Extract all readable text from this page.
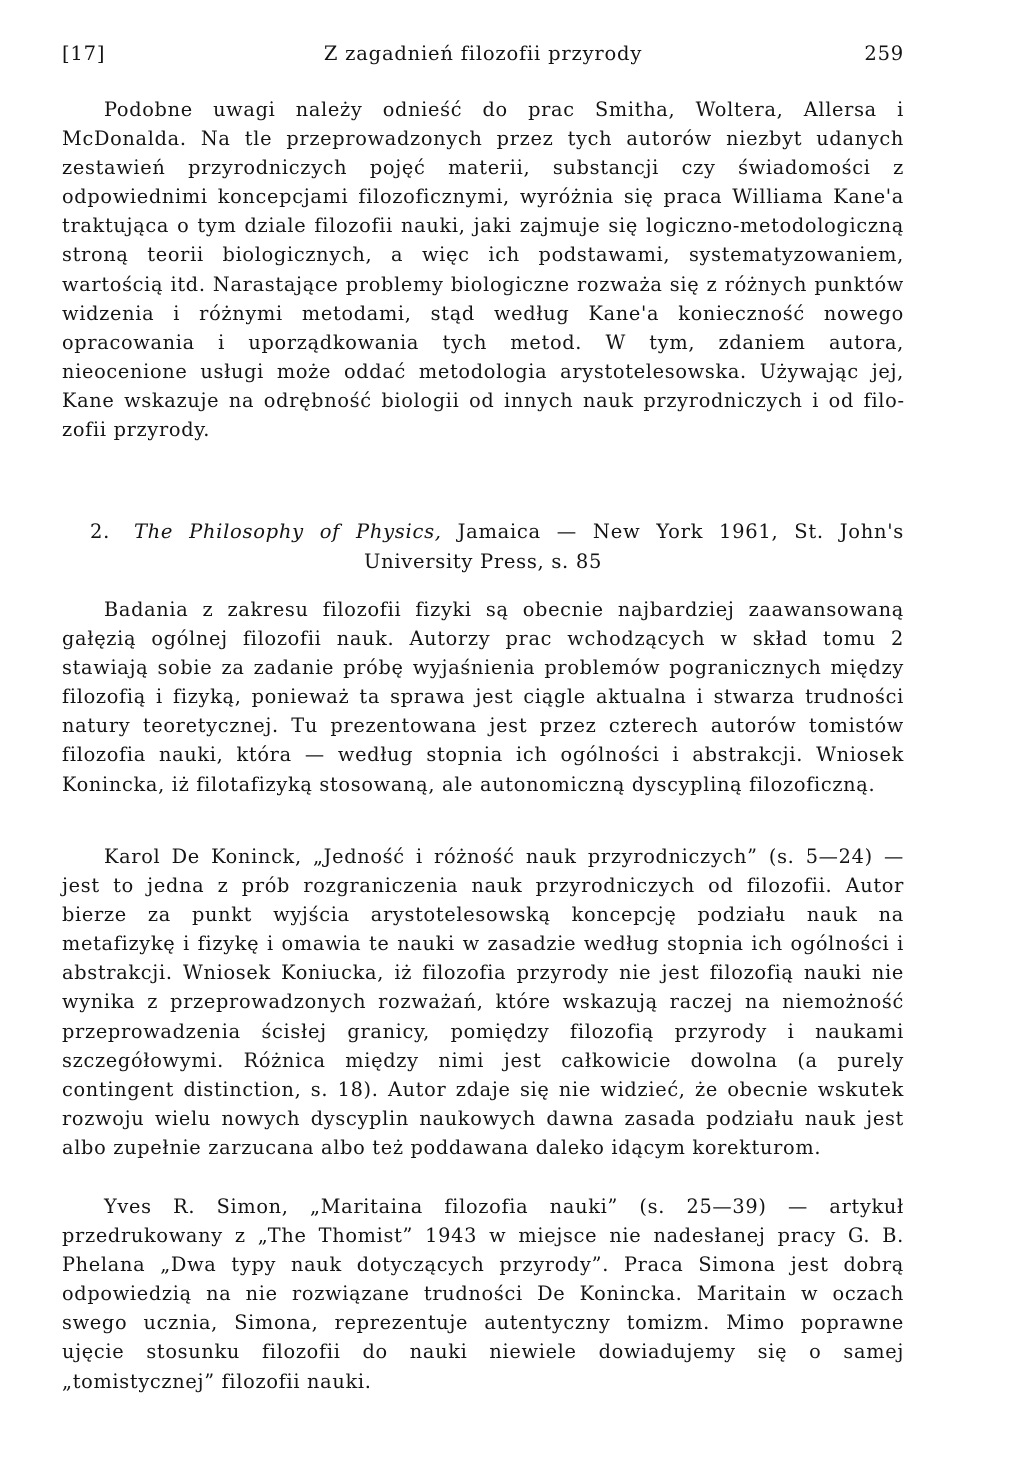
[17]	Z zagadnień filozofii przyrody	259

Podobne uwagi należy odnieść do prac Smitha, Woltera, Allersa i McDonalda. Na tle przeprowadzonych przez tych autorów niezbyt udanych zestawień przyrodniczych pojęć materii, substancji czy świadomości z odpowiednimi koncepcjami filozoficznymi, wyróżnia się praca Williama Kane'a traktująca o tym dziale filozofii nauki, jaki zajmuje się logiczno-metodologiczną stroną teorii biologicznych, a więc ich podstawami, systematyzowaniem, wartością itd. Narastające problemy biologiczne rozważa się z różnych punktów widzenia i różnymi metodami, stąd według Kane'a konieczność nowego opracowania i uporządkowania tych metod. W tym, zdaniem autora, nieocenione usługi może oddać metodologia arystotelesowska. Używając jej, Kane wskazuje na odrębność biologii od innych nauk przyrodniczych i od filozofii przyrody.

2. The Philosophy of Physics, Jamaica — New York 1961, St. John's University Press, s. 85

Badania z zakresu filozofii fizyki są obecnie najbardziej zaawansowaną gałęzią ogólnej filozofii nauk. Autorzy prac wchodzących w skład tomu 2 stawiają sobie za zadanie próbę wyjaśnienia problemów pogranicznych między filozofią i fizyką, ponieważ ta sprawa jest ciągle aktualna i stwarza trudności natury teoretycznej. Tu prezentowana jest przez czterech autorów tomistów filozofia nauki, która — według stopnia ich ogólności i abstrakcji. Wniosek Konincka, iż filotafizyką stosowaną, ale autonomiczną dyscypliną filozoficzną.

Karol De Koninck, „Jedność i różność nauk przyrodniczych” (s. 5—24) — jest to jedna z prób rozgraniczenia nauk przyrodniczych od filozofii. Autor bierze za punkt wyjścia arystotelesowską koncepcję podziału nauk na metafizykę i fizykę i omawia te nauki w zasadzie według stopnia ich ogólności i abstrakcji. Wniosek Koniucka, iż filozofia przyrody nie jest filozofią nauki nie wynika z przeprowadzonych rozważań, które wskazują raczej na niemożność przeprowadzenia ścisłej granicy, pomiędzy filozofią przyrody i naukami szczegółowymi. Różnica między nimi jest całkowicie dowolna (a purely contingent distinction, s. 18). Autor zdaje się nie widzieć, że obecnie wskutek rozwoju wielu nowych dyscyplin naukowych dawna zasada podziału nauk jest albo zupełnie zarzucana albo też poddawana daleko idącym korekturom.

Yves R. Simon, „Maritaina filozofia nauki” (s. 25—39) — artykuł przedrukowany z „The Thomist” 1943 w miejsce nie nadesłanej pracy G. B. Phelana „Dwa typy nauk dotyczących przyrody”. Praca Simona jest dobrą odpowiedzią na nie rozwiązane trudności De Konincka. Maritain w oczach swego ucznia, Simona, reprezentuje autentyczny tomizm. Mimo poprawne ujęcie stosunku filozofii do nauki niewiele dowiadujemy się o samej „tomistycznej” filozofii nauki.
